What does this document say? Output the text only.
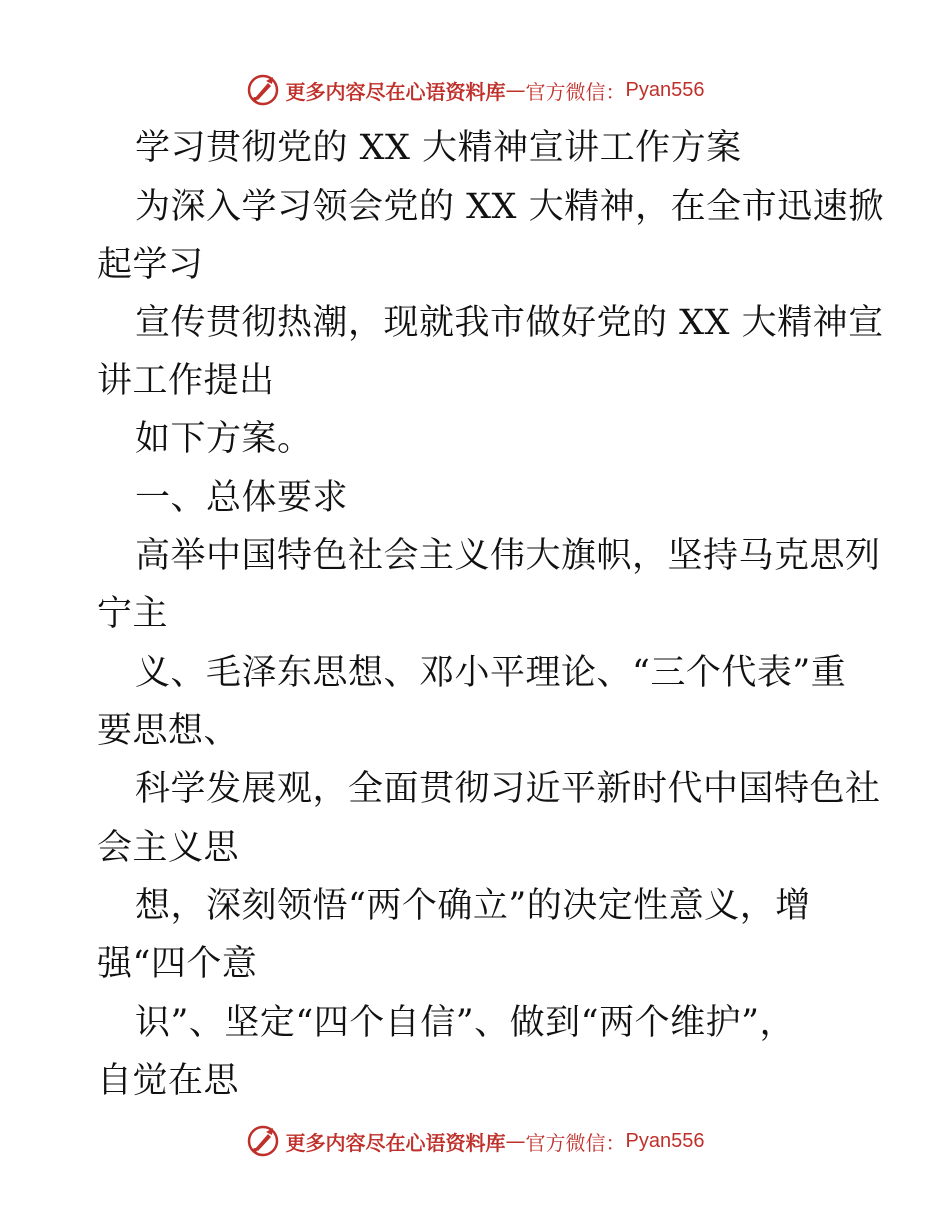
更多内容尽在心语资料库 — 官方微信： Pyan556
学习贯彻党的 XX 大精神宣讲工作方案
为深入学习领会党的 XX 大精神，在全市迅速掀
起学习
宣传贯彻热潮，现就我市做好党的 XX 大精神宣
讲工作提出
如下方案。
一、总体要求
高举中国特色社会主义伟大旗帜，坚持马克思列
宁主
义、毛泽东思想、邓小平理论、“三个代表”重
要思想、
科学发展观，全面贯彻习近平新时代中国特色社
会主义思
想，深刻领悟“两个确立”的决定性意义，增
强“四个意
识”、坚定“四个自信”、做到“两个维护”，
自觉在思
更多内容尽在心语资料库 — 官方微信： Pyan556
